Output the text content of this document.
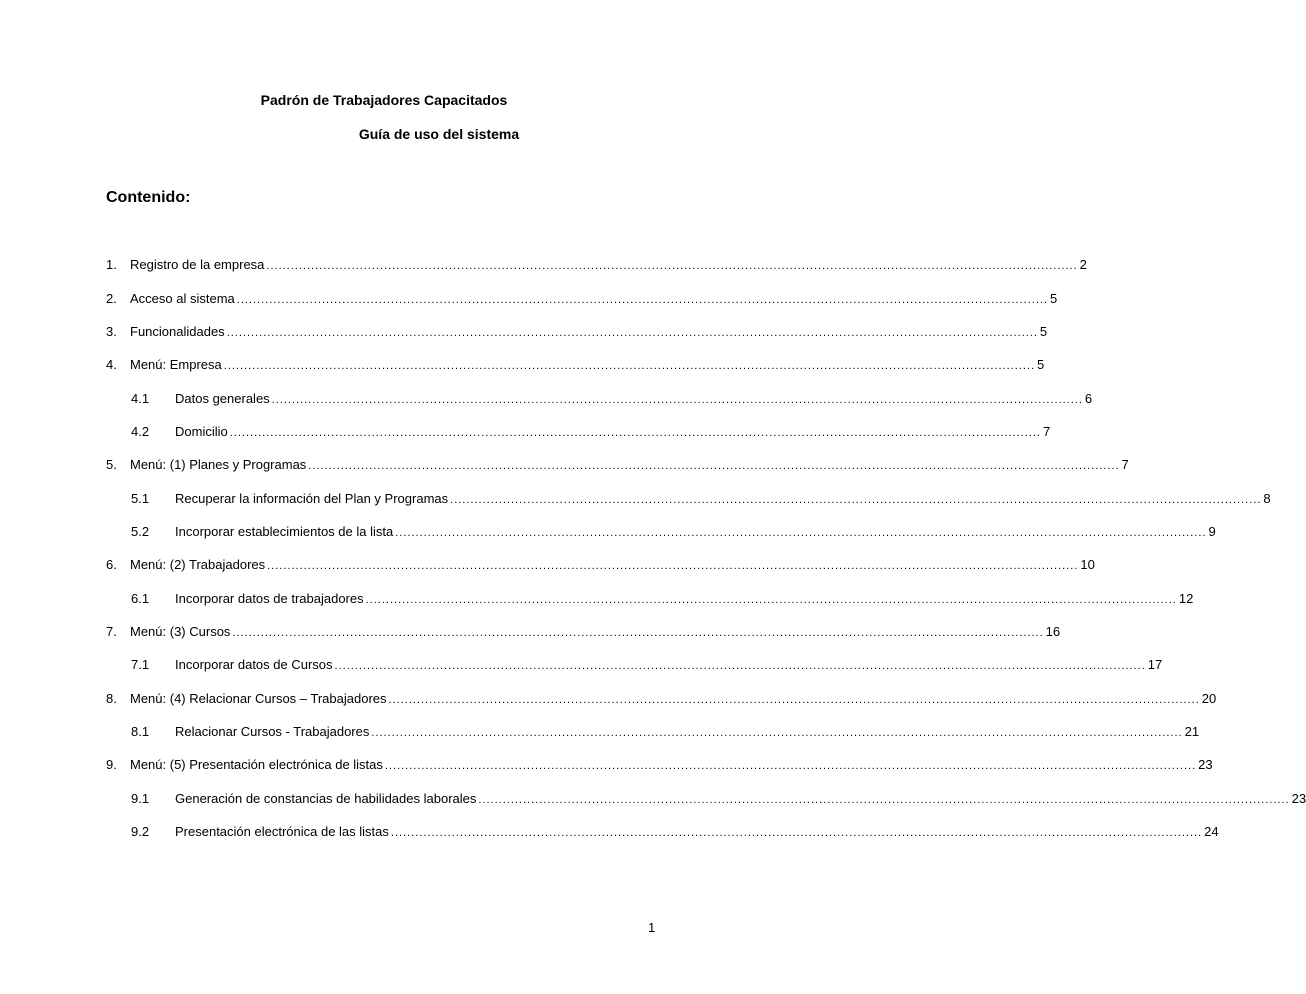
Padrón de Trabajadores Capacitados
Guía de uso del sistema
Contenido:
1.	Registro de la empresa ........................................................................................................................................................................................................ 2
2.	Acceso al sistema ........................................................................................................................................................................................................ 5
3.	Funcionalidades ........................................................................................................................................................................................................ 5
4.	Menú: Empresa ........................................................................................................................................................................................................ 5
4.1	Datos generales ........................................................................................................................................................................................................ 6
4.2	Domicilio ........................................................................................................................................................................................................ 7
5.	Menú: (1) Planes y Programas ........................................................................................................................................................................................................ 7
5.1	Recuperar la información del Plan y Programas ........................................................................................................................................................................................................ 8
5.2	Incorporar establecimientos de la lista ........................................................................................................................................................................................................ 9
6.	Menú: (2) Trabajadores ........................................................................................................................................................................................................ 10
6.1	Incorporar datos de trabajadores ........................................................................................................................................................................................................ 12
7.	Menú: (3) Cursos ........................................................................................................................................................................................................ 16
7.1	Incorporar datos de Cursos ........................................................................................................................................................................................................ 17
8.	Menú: (4) Relacionar Cursos – Trabajadores ........................................................................................................................................................................................................ 20
8.1	Relacionar Cursos - Trabajadores ........................................................................................................................................................................................................ 21
9.	Menú: (5) Presentación electrónica de listas ........................................................................................................................................................................................................ 23
9.1	Generación de constancias de habilidades laborales ........................................................................................................................................................................................................ 23
9.2	Presentación electrónica de las listas ........................................................................................................................................................................................................ 24
1
